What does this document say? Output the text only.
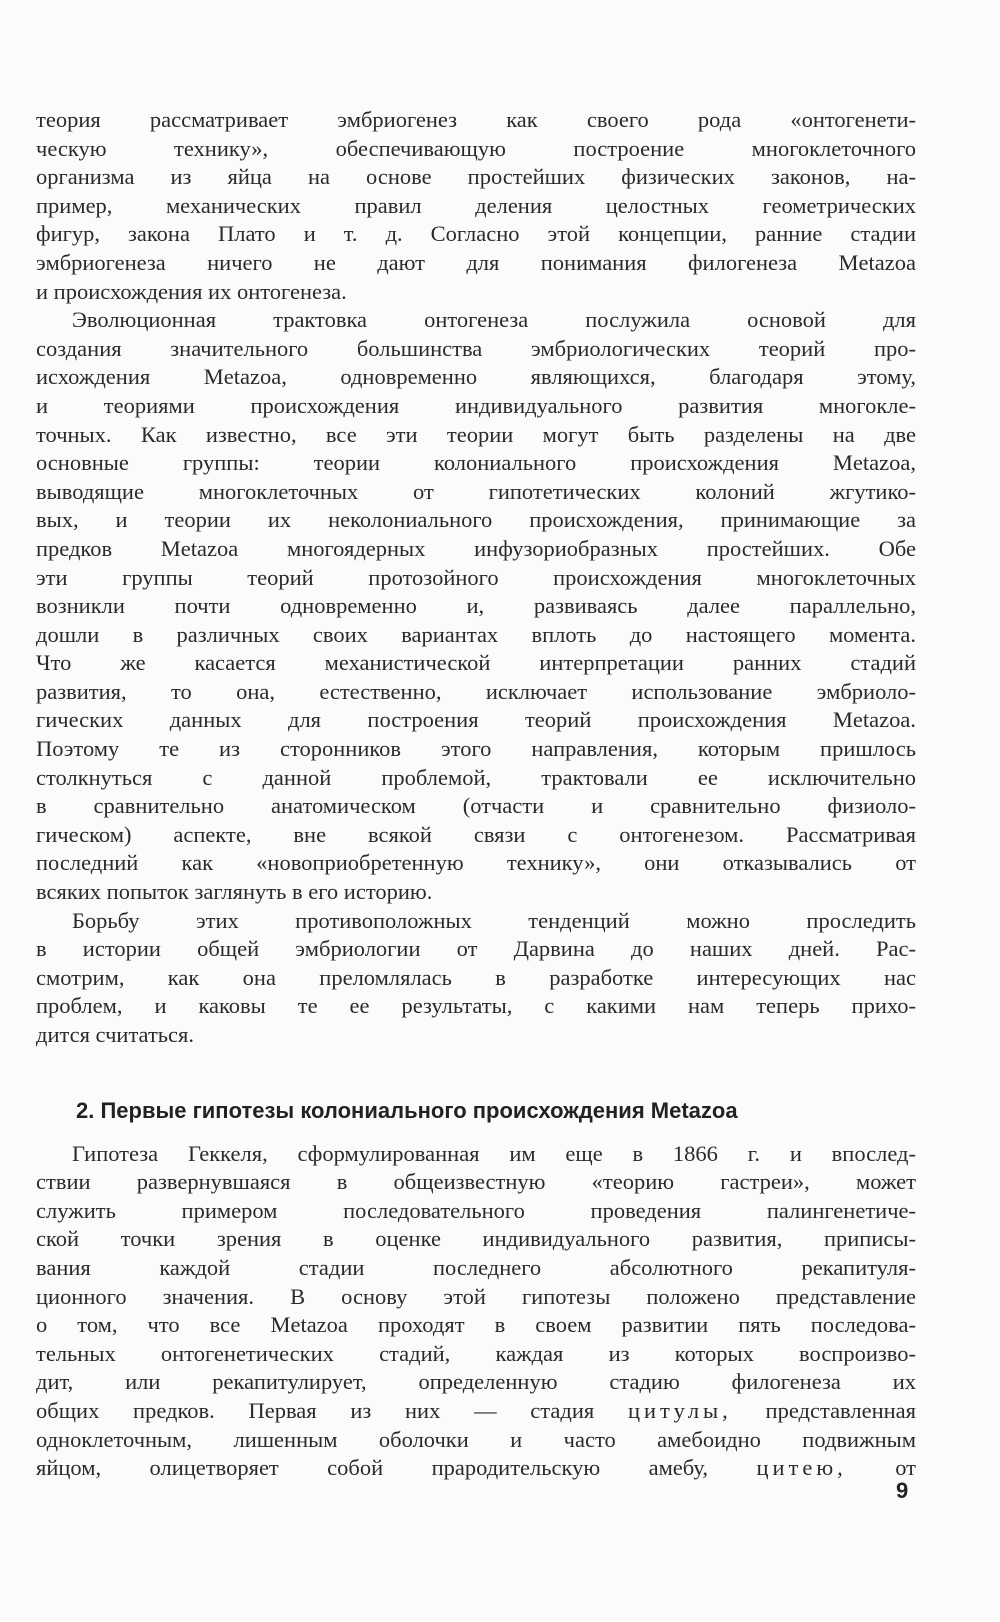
теория рассматривает эмбриогенез как своего рода «онтогенети-
ческую технику», обеспечивающую построение многоклеточного
организма из яйца на основе простейших физических законов, на-
пример, механических правил деления целостных геометрических
фигур, закона Плато и т. д. Согласно этой концепции, ранние стадии
эмбриогенеза ничего не дают для понимания филогенеза Metazoa
и происхождения их онтогенеза.
Эволюционная трактовка онтогенеза послужила основой для
создания значительного большинства эмбриологических теорий про-
исхождения Metazoa, одновременно являющихся, благодаря этому,
и теориями происхождения индивидуального развития многокле-
точных. Как известно, все эти теории могут быть разделены на две
основные группы: теории колониального происхождения Metazoa,
выводящие многоклеточных от гипотетических колоний жгутико-
вых, и теории их неколониального происхождения, принимающие за
предков Metazoa многоядерных инфузориобразных простейших. Обе
эти группы теорий протозойного происхождения многоклеточных
возникли почти одновременно и, развиваясь далее параллельно,
дошли в различных своих вариантах вплоть до настоящего момента.
Что же касается механистической интерпретации ранних стадий
развития, то она, естественно, исключает использование эмбриоло-
гических данных для построения теорий происхождения Metazoa.
Поэтому те из сторонников этого направления, которым пришлось
столкнуться с данной проблемой, трактовали ее исключительно
в сравнительно анатомическом (отчасти и сравнительно физиоло-
гическом) аспекте, вне всякой связи с онтогенезом. Рассматривая
последний как «новоприобретенную технику», они отказывались от
всяких попыток заглянуть в его историю.
Борьбу этих противоположных тенденций можно проследить
в истории общей эмбриологии от Дарвина до наших дней. Рас-
смотрим, как она преломлялась в разработке интересующих нас
проблем, и каковы те ее результаты, с какими нам теперь прихо-
дится считаться.
2. Первые гипотезы колониального происхождения Metazoa
Гипотеза Геккеля, сформулированная им еще в 1866 г. и впослед-
ствии развернувшаяся в общеизвестную «теорию гастреи», может
служить примером последовательного проведения палингенетиче-
ской точки зрения в оценке индивидуального развития, приписы-
вания каждой стадии последнего абсолютного рекапитуля-
ционного значения. В основу этой гипотезы положено представление
о том, что все Metazoa проходят в своем развитии пять последова-
тельных онтогенетических стадий, каждая из которых воспроизво-
дит, или рекапитулирует, определенную стадию филогенеза их
общих предков. Первая из них — стадия цитулы, представленная
одноклеточным, лишенным оболочки и часто амебоидно подвижным
яйцом, олицетворяет собой прародительскую амебу, цитею, от
9
